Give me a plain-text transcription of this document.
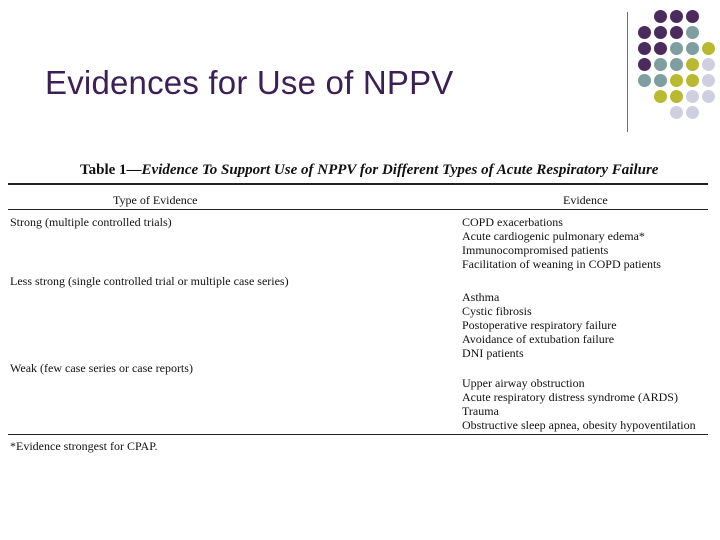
Evidences for Use of NPPV
Table 1—Evidence To Support Use of NPPV for Different Types of Acute Respiratory Failure
Type of Evidence	Evidence
Strong (multiple controlled trials)	COPD exacerbations
Acute cardiogenic pulmonary edema*
Immunocompromised patients
Facilitation of weaning in COPD patients
Less strong (single controlled trial or multiple case series)
Asthma
Cystic fibrosis
Postoperative respiratory failure
Avoidance of extubation failure
DNI patients
Weak (few case series or case reports)
Upper airway obstruction
Acute respiratory distress syndrome (ARDS)
Trauma
Obstructive sleep apnea, obesity hypoventilation
*Evidence strongest for CPAP.
